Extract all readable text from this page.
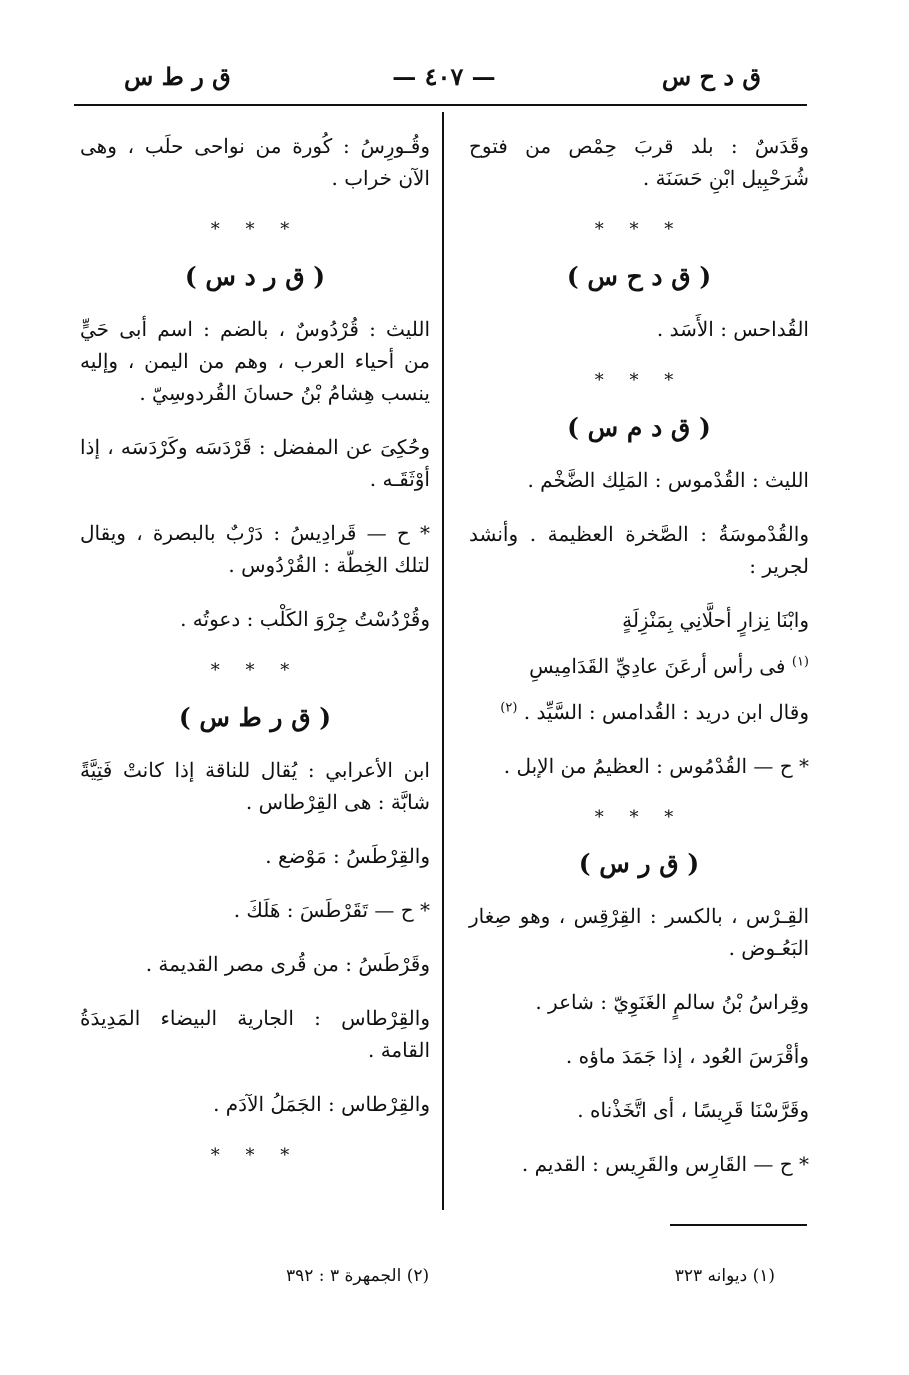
ق د ح س
— ٤٠٧ —
ق ر ط س

وقَدَسٌ : بلد قربَ حِمْص من فتوح شُرَحْبِيل ابْنِ حَسَنَة .

* * *
( ق د ح س )

القُداحس : الأَسَد .

* * *
( ق د م س )

الليث : القُدْموس : المَلِك الضَّخْم .

والقُدْموسَةُ : الصَّخرة العظيمة . وأنشد لجرير :

وابْنَا نِزارٍ أحلَّانِي بِمَنْزِلَةٍ

$^{(١)}$ فى رأس أرعَنَ عادِيِّ القَدَامِيسِ

وقال ابن دريد : القُدامس : السَّيِّد . $^{(٢)}$

* ح — القُدْمُوس : العظيمُ من الإبل .

* * *
( ق ر س )

القِـرْس ، بالكسر : القِرْقِس ، وهو صِغار البَعُـوض .

وقِراسُ بْنُ سالمٍ الغَنَوِيّ : شاعر .

وأقْرَسَ العُود ، إذا جَمَدَ ماؤه .

وقَرَّسْنَا قَرِيسًا ، أى اتَّخَذْناه .

* ح — القَارِس والقَرِيس : القديم .

وقُـورِسُ : كُورة من نواحى حلَب ، وهى الآن خراب .

* * *
( ق ر د س )

الليث : قُرْدُوسٌ ، بالضم : اسم أبى حَيٍّ من أحياء العرب ، وهم من اليمن ، وإليه ينسب هِشامُ بْنُ حسانَ القُردوسِيّ .

وحُكِىَ عن المفضل : قَرْدَسَه وكَرْدَسَه ، إذا أوْثَقَـه .

* ح — قَرادِيسُ : دَرْبٌ بالبصرة ، ويقال لتلك الخِطّة : القُرْدُوس .

وقُرْدُسْتُ جِرْوَ الكَلْب : دعوتُه .

* * *
( ق ر ط س )

ابن الأعرابي : يُقال للناقة إذا كانتْ فَتِيَّةً شابَّة : هى القِرْطاس .

والقِرْطَسُ : مَوْضع .

* ح — تَقَرْطَسَ : هَلَكَ .

وقَرْطَسُ : من قُرى مصر القديمة .

والقِرْطاس : الجارية البيضاء المَدِيدَةُ القامة .

والقِرْطاس : الجَمَلُ الآدَم .

* * *
(١) ديوانه ٣٢٣
(٢) الجمهرة ٣ : ٣٩٢
